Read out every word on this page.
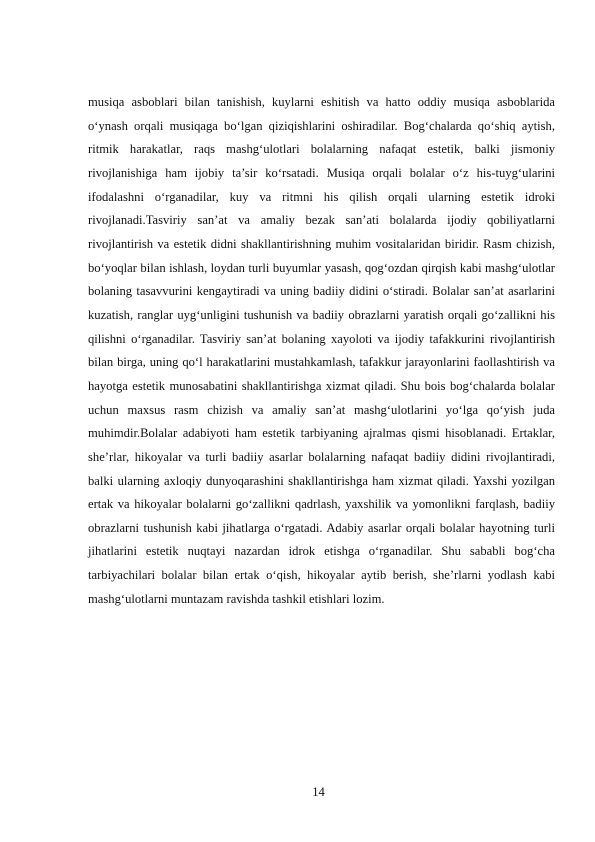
musiqa asboblari bilan tanishish, kuylarni eshitish va hatto oddiy musiqa asboblarida o‘ynash orqali musiqaga bo‘lgan qiziqishlarini oshiradilar. Bog‘chalarda qo‘shiq aytish, ritmik harakatlar, raqs mashg‘ulotlari bolalarning nafaqat estetik, balki jismoniy rivojlanishiga ham ijobiy ta’sir ko‘rsatadi. Musiqa orqali bolalar o‘z his-tuyg‘ularini ifodalashni o‘rganadilar, kuy va ritmni his qilish orqali ularning estetik idroki rivojlanadi.Tasviriy san’at va amaliy bezak san’ati bolalarda ijodiy qobiliyatlarni rivojlantirish va estetik didni shakllantirishning muhim vositalaridan biridir. Rasm chizish, bo‘yoqlar bilan ishlash, loydan turli buyumlar yasash, qog‘ozdan qirqish kabi mashg‘ulotlar bolaning tasavvurini kengaytiradi va uning badiiy didini o‘stiradi. Bolalar san’at asarlarini kuzatish, ranglar uyg‘unligini tushunish va badiiy obrazlarni yaratish orqali go‘zallikni his qilishni o‘rganadilar. Tasviriy san’at bolaning xayoloti va ijodiy tafakkurini rivojlantirish bilan birga, uning qo‘l harakatlarini mustahkamlash, tafakkur jarayonlarini faollashtirish va hayotga estetik munosabatini shakllantirishga xizmat qiladi. Shu bois bog‘chalarda bolalar uchun maxsus rasm chizish va amaliy san’at mashg‘ulotlarini yo‘lga qo‘yish juda muhimdir.Bolalar adabiyoti ham estetik tarbiyaning ajralmas qismi hisoblanadi. Ertaklar, she’rlar, hikoyalar va turli badiiy asarlar bolalarning nafaqat badiiy didini rivojlantiradi, balki ularning axloqiy dunyoqarashini shakllantirishga ham xizmat qiladi. Yaxshi yozilgan ertak va hikoyalar bolalarni go‘zallikni qadrlash, yaxshilik va yomonlikni farqlash, badiiy obrazlarni tushunish kabi jihatlarga o‘rgatadi. Adabiy asarlar orqali bolalar hayotning turli jihatlarini estetik nuqtayi nazardan idrok etishga o‘rganadilar. Shu sababli bog‘cha tarbiyachilari bolalar bilan ertak o‘qish, hikoyalar aytib berish, she’rlarni yodlash kabi mashg‘ulotlarni muntazam ravishda tashkil etishlari lozim.

14
